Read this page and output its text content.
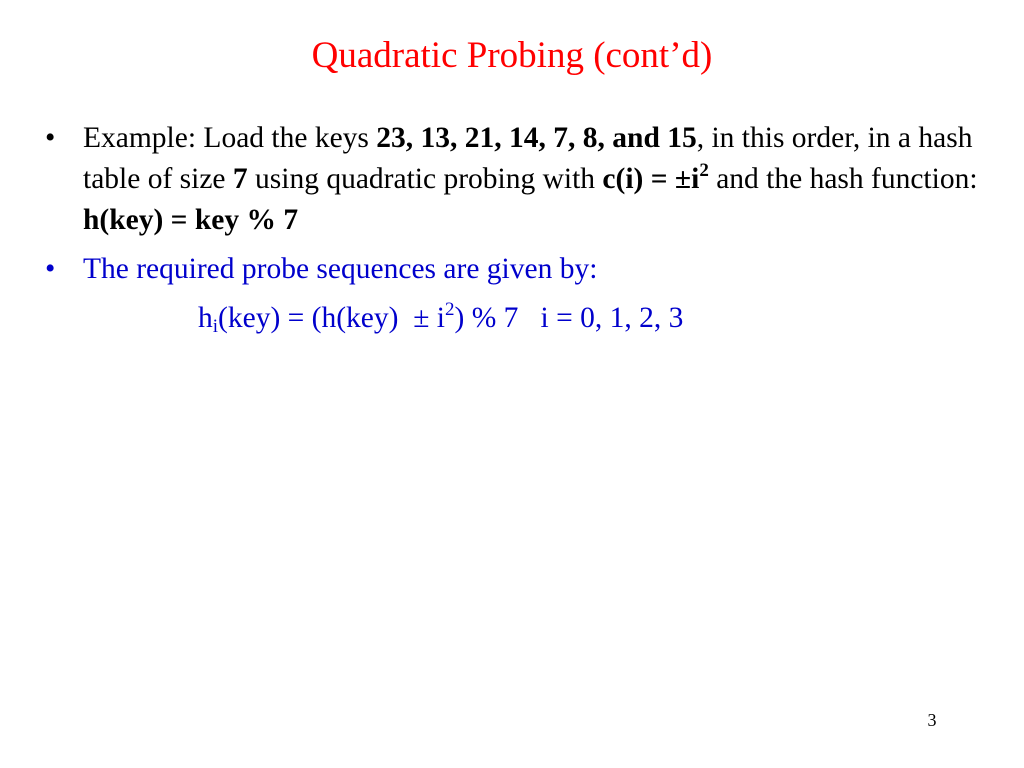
Quadratic Probing (cont’d)
• Example: Load the keys 23, 13, 21, 14, 7, 8, and 15, in this order, in a hash table of size 7 using quadratic probing with $c(i) = \pm i^2$ and the hash function: h(key) = key % 7
• The required probe sequences are given by:
$h_i(key) = (h(key) \pm i^2)$ % 7   i = 0, 1, 2, 3
3
